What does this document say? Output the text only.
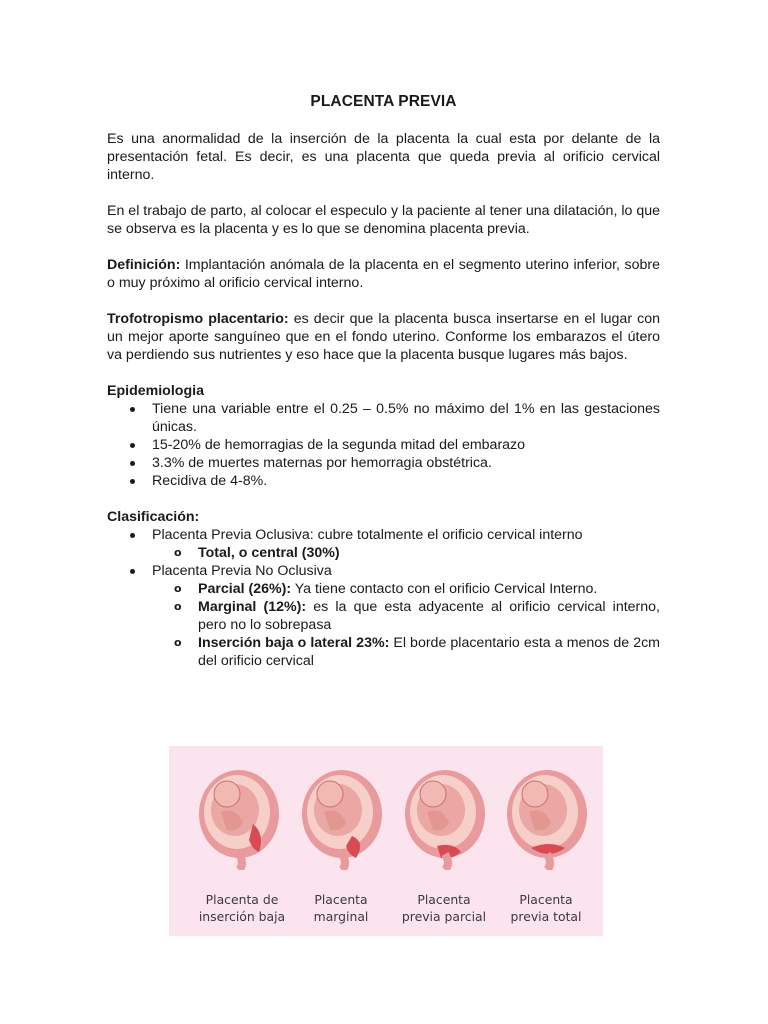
PLACENTA PREVIA

Es una anormalidad de la inserción de la placenta la cual esta por delante de la presentación fetal. Es decir, es una placenta que queda previa al orificio cervical interno.

En el trabajo de parto, al colocar el especulo y la paciente al tener una dilatación, lo que se observa es la placenta y es lo que se denomina placenta previa.

Definición: Implantación anómala de la placenta en el segmento uterino inferior, sobre o muy próximo al orificio cervical interno.

Trofotropismo placentario: es decir que la placenta busca insertarse en el lugar con un mejor aporte sanguíneo que en el fondo uterino. Conforme los embarazos el útero va perdiendo sus nutrientes y eso hace que la placenta busque lugares más bajos.

Epidemiologia

Tiene una variable entre el 0.25 – 0.5% no máximo del 1% en las gestaciones únicas.
15-20% de hemorragias de la segunda mitad del embarazo
3.3% de muertes maternas por hemorragia obstétrica.
Recidiva de 4-8%.

Clasificación:

Placenta Previa Oclusiva: cubre totalmente el orificio cervical interno
o Total, o central (30%)
Placenta Previa No Oclusiva
o Parcial (26%): Ya tiene contacto con el orificio Cervical Interno.
o Marginal (12%): es la que esta adyacente al orificio cervical interno, pero no lo sobrepasa
o Inserción baja o lateral 23%: El borde placentario esta a menos de 2cm del orificio cervical
Placenta de
inserción baja
Placenta
marginal
Placenta
previa parcial
Placenta
previa total
